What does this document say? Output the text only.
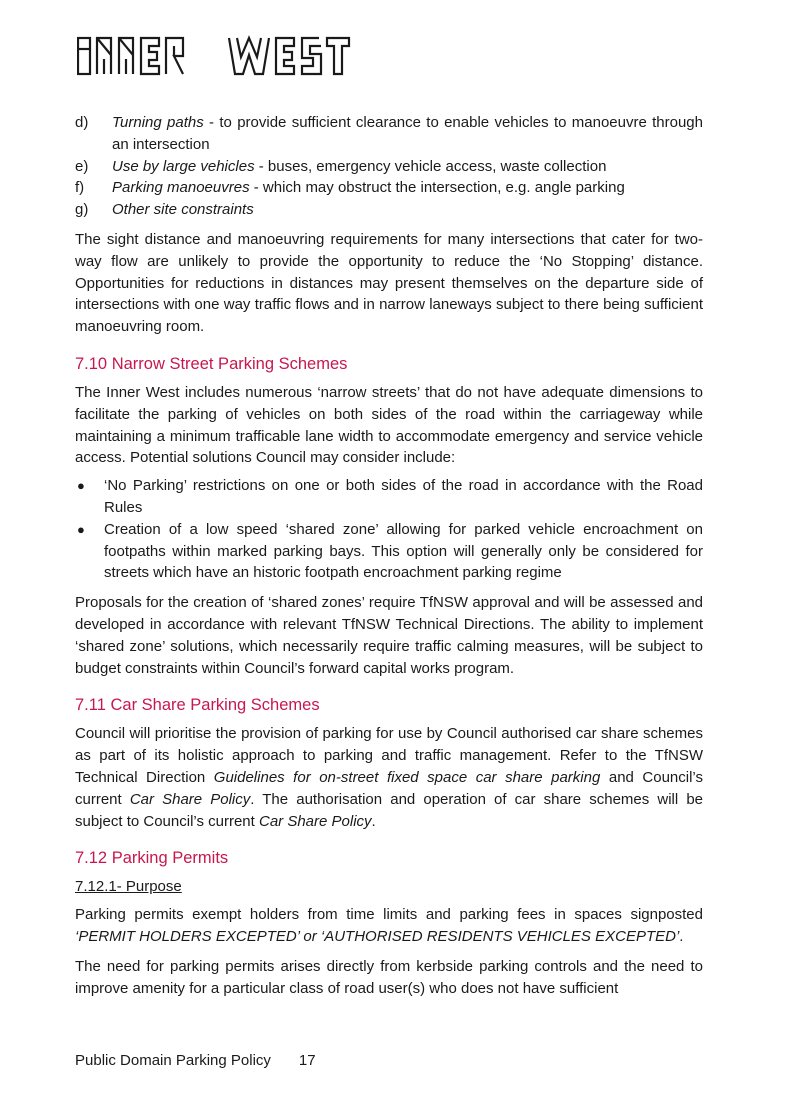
d)	Turning paths - to provide sufficient clearance to enable vehicles to manoeuvre through an intersection
e)	Use by large vehicles - buses, emergency vehicle access, waste collection
f)	Parking manoeuvres - which may obstruct the intersection, e.g. angle parking
g)	Other site constraints

The sight distance and manoeuvring requirements for many intersections that cater for two-way flow are unlikely to provide the opportunity to reduce the ‘No Stopping’ distance. Opportunities for reductions in distances may present themselves on the departure side of intersections with one way traffic flows and in narrow laneways subject to there being sufficient manoeuvring room.

7.10 Narrow Street Parking Schemes

The Inner West includes numerous ‘narrow streets’ that do not have adequate dimensions to facilitate the parking of vehicles on both sides of the road within the carriageway while maintaining a minimum trafficable lane width to accommodate emergency and service vehicle access. Potential solutions Council may consider include:

●	‘No Parking’ restrictions on one or both sides of the road in accordance with the Road Rules
●	Creation of a low speed ‘shared zone’ allowing for parked vehicle encroachment on footpaths within marked parking bays. This option will generally only be considered for streets which have an historic footpath encroachment parking regime

Proposals for the creation of ‘shared zones’ require TfNSW approval and will be assessed and developed in accordance with relevant TfNSW Technical Directions. The ability to implement ‘shared zone’ solutions, which necessarily require traffic calming measures, will be subject to budget constraints within Council’s forward capital works program.

7.11 Car Share Parking Schemes

Council will prioritise the provision of parking for use by Council authorised car share schemes as part of its holistic approach to parking and traffic management. Refer to the TfNSW Technical Direction Guidelines for on-street fixed space car share parking and Council’s current Car Share Policy. The authorisation and operation of car share schemes will be subject to Council’s current Car Share Policy.

7.12 Parking Permits
7.12.1- Purpose

Parking permits exempt holders from time limits and parking fees in spaces signposted ‘PERMIT HOLDERS EXCEPTED’ or ‘AUTHORISED RESIDENTS VEHICLES EXCEPTED’.

The need for parking permits arises directly from kerbside parking controls and the need to improve amenity for a particular class of road user(s) who does not have sufficient

Public Domain Parking Policy 17
